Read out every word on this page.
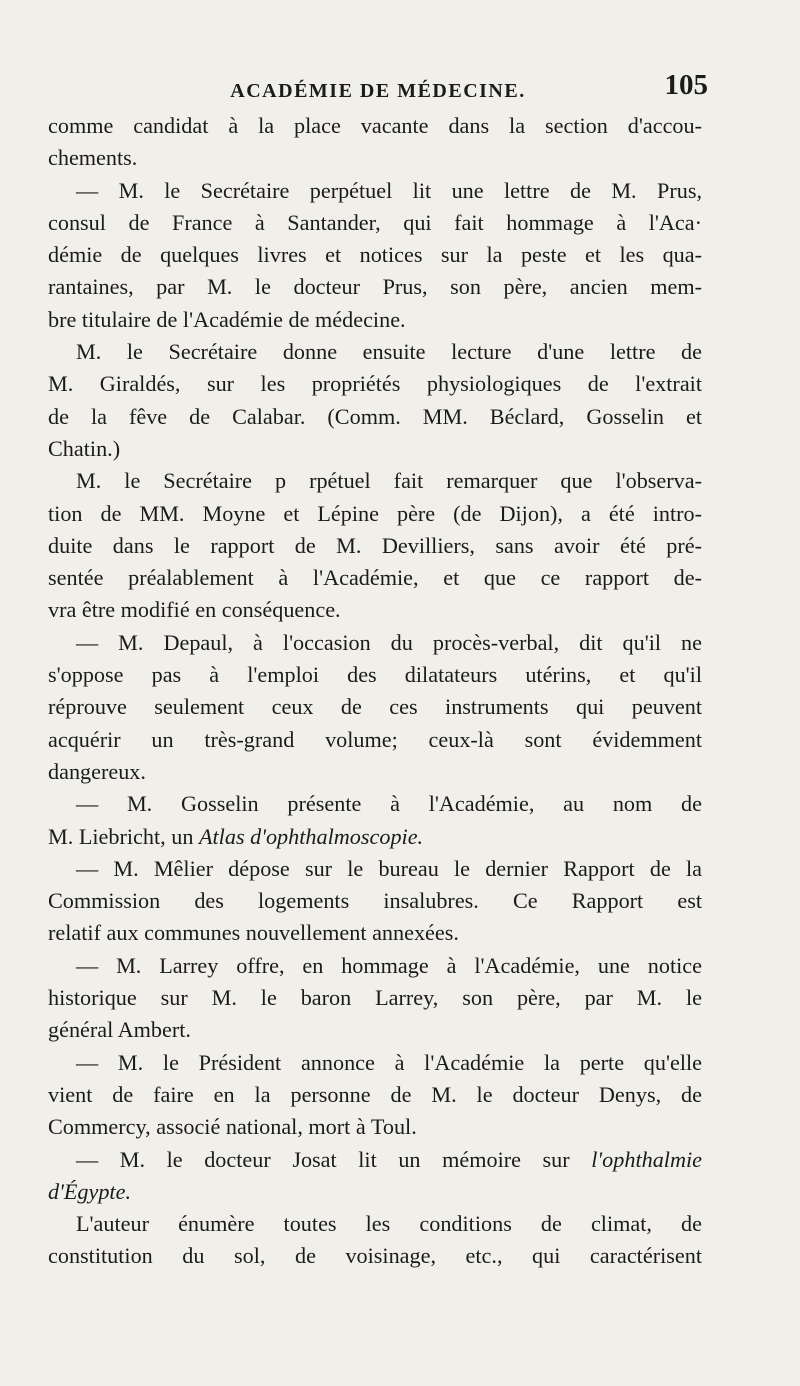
ACADÉMIE DE MÉDECINE.	105
comme candidat à la place vacante dans la section d'accou-
chements.
— M. le Secrétaire perpétuel lit une lettre de M. Prus,
consul de France à Santander, qui fait hommage à l'Aca·
démie de quelques livres et notices sur la peste et les qua-
rantaines, par M. le docteur Prus, son père, ancien mem-
bre titulaire de l'Académie de médecine.
M. le Secrétaire donne ensuite lecture d'une lettre de
M. Giraldés, sur les propriétés physiologiques de l'extrait
de la fêve de Calabar. (Comm. MM. Béclard, Gosselin et
Chatin.)
M. le Secrétaire p rpétuel fait remarquer que l'observa-
tion de MM. Moyne et Lépine père (de Dijon), a été intro-
duite dans le rapport de M. Devilliers, sans avoir été pré-
sentée préalablement à l'Académie, et que ce rapport de-
vra être modifié en conséquence.
— M. Depaul, à l'occasion du procès-verbal, dit qu'il ne
s'oppose pas à l'emploi des dilatateurs utérins, et qu'il
réprouve seulement ceux de ces instruments qui peuvent
acquérir un très-grand volume; ceux-là sont évidemment
dangereux.
— M. Gosselin présente à l'Académie, au nom de
M. Liebricht, un Atlas d'ophthalmoscopie.
— M. Mêlier dépose sur le bureau le dernier Rapport de la
Commission des logements insalubres. Ce Rapport est
relatif aux communes nouvellement annexées.
— M. Larrey offre, en hommage à l'Académie, une notice
historique sur M. le baron Larrey, son père, par M. le
général Ambert.
— M. le Président annonce à l'Académie la perte qu'elle
vient de faire en la personne de M. le docteur Denys, de
Commercy, associé national, mort à Toul.
— M. le docteur Josat lit un mémoire sur l'ophthalmie
d'Égypte.
L'auteur énumère toutes les conditions de climat, de
constitution du sol, de voisinage, etc., qui caractérisent
